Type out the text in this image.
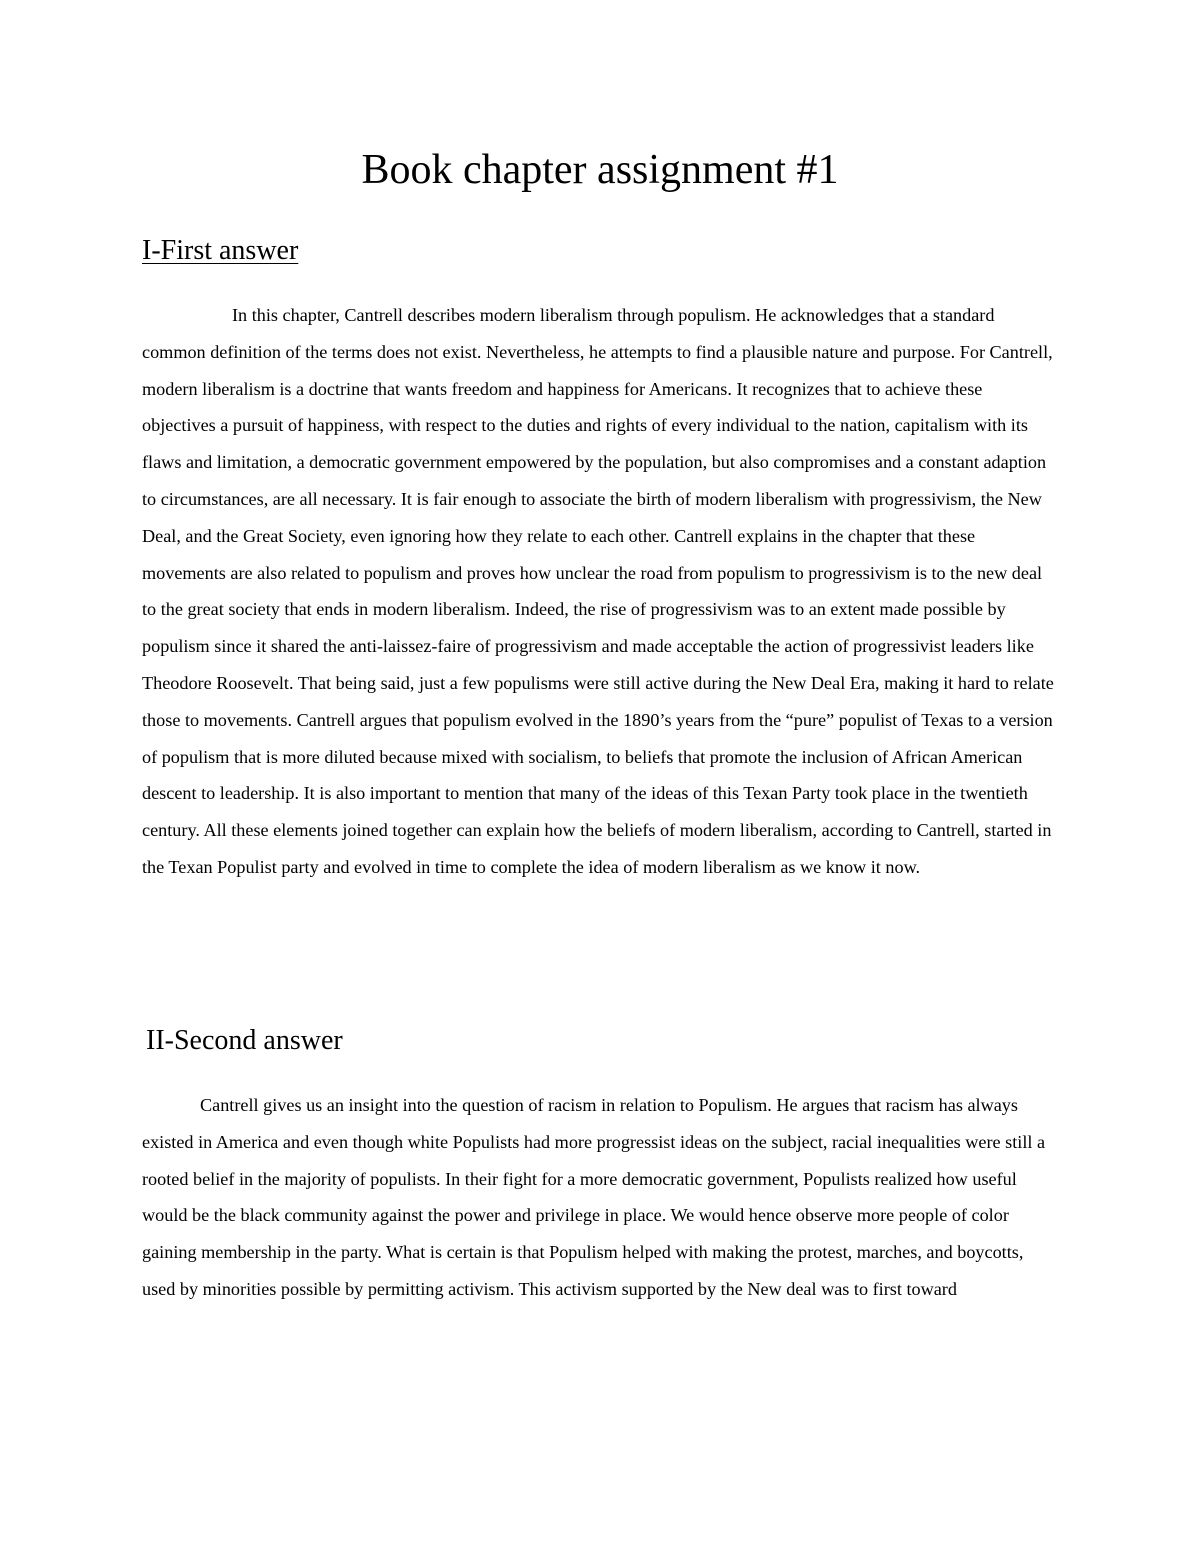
Book chapter assignment #1
I-First answer

In this chapter, Cantrell describes modern liberalism through populism. He acknowledges that a standard common definition of the terms does not exist. Nevertheless, he attempts to find a plausible nature and purpose. For Cantrell, modern liberalism is a doctrine that wants freedom and happiness for Americans. It recognizes that to achieve these objectives a pursuit of happiness, with respect to the duties and rights of every individual to the nation, capitalism with its flaws and limitation, a democratic government empowered by the population, but also compromises and a constant adaption to circumstances, are all necessary. It is fair enough to associate the birth of modern liberalism with progressivism, the New Deal, and the Great Society, even ignoring how they relate to each other. Cantrell explains in the chapter that these movements are also related to populism and proves how unclear the road from populism to progressivism is to the new deal to the great society that ends in modern liberalism. Indeed, the rise of progressivism was to an extent made possible by populism since it shared the anti-laissez-faire of progressivism and made acceptable the action of progressivist leaders like Theodore Roosevelt. That being said, just a few populisms were still active during the New Deal Era, making it hard to relate those to movements. Cantrell argues that populism evolved in the 1890’s years from the “pure” populist of Texas to a version of populism that is more diluted because mixed with socialism, to beliefs that promote the inclusion of African American descent to leadership. It is also important to mention that many of the ideas of this Texan Party took place in the twentieth century. All these elements joined together can explain how the beliefs of modern liberalism, according to Cantrell, started in the Texan Populist party and evolved in time to complete the idea of modern liberalism as we know it now.

II-Second answer

Cantrell gives us an insight into the question of racism in relation to Populism. He argues that racism has always existed in America and even though white Populists had more progressist ideas on the subject, racial inequalities were still a rooted belief in the majority of populists. In their fight for a more democratic government, Populists realized how useful would be the black community against the power and privilege in place. We would hence observe more people of color gaining membership in the party. What is certain is that Populism helped with making the protest, marches, and boycotts, used by minorities possible by permitting activism. This activism supported by the New deal was to first toward
